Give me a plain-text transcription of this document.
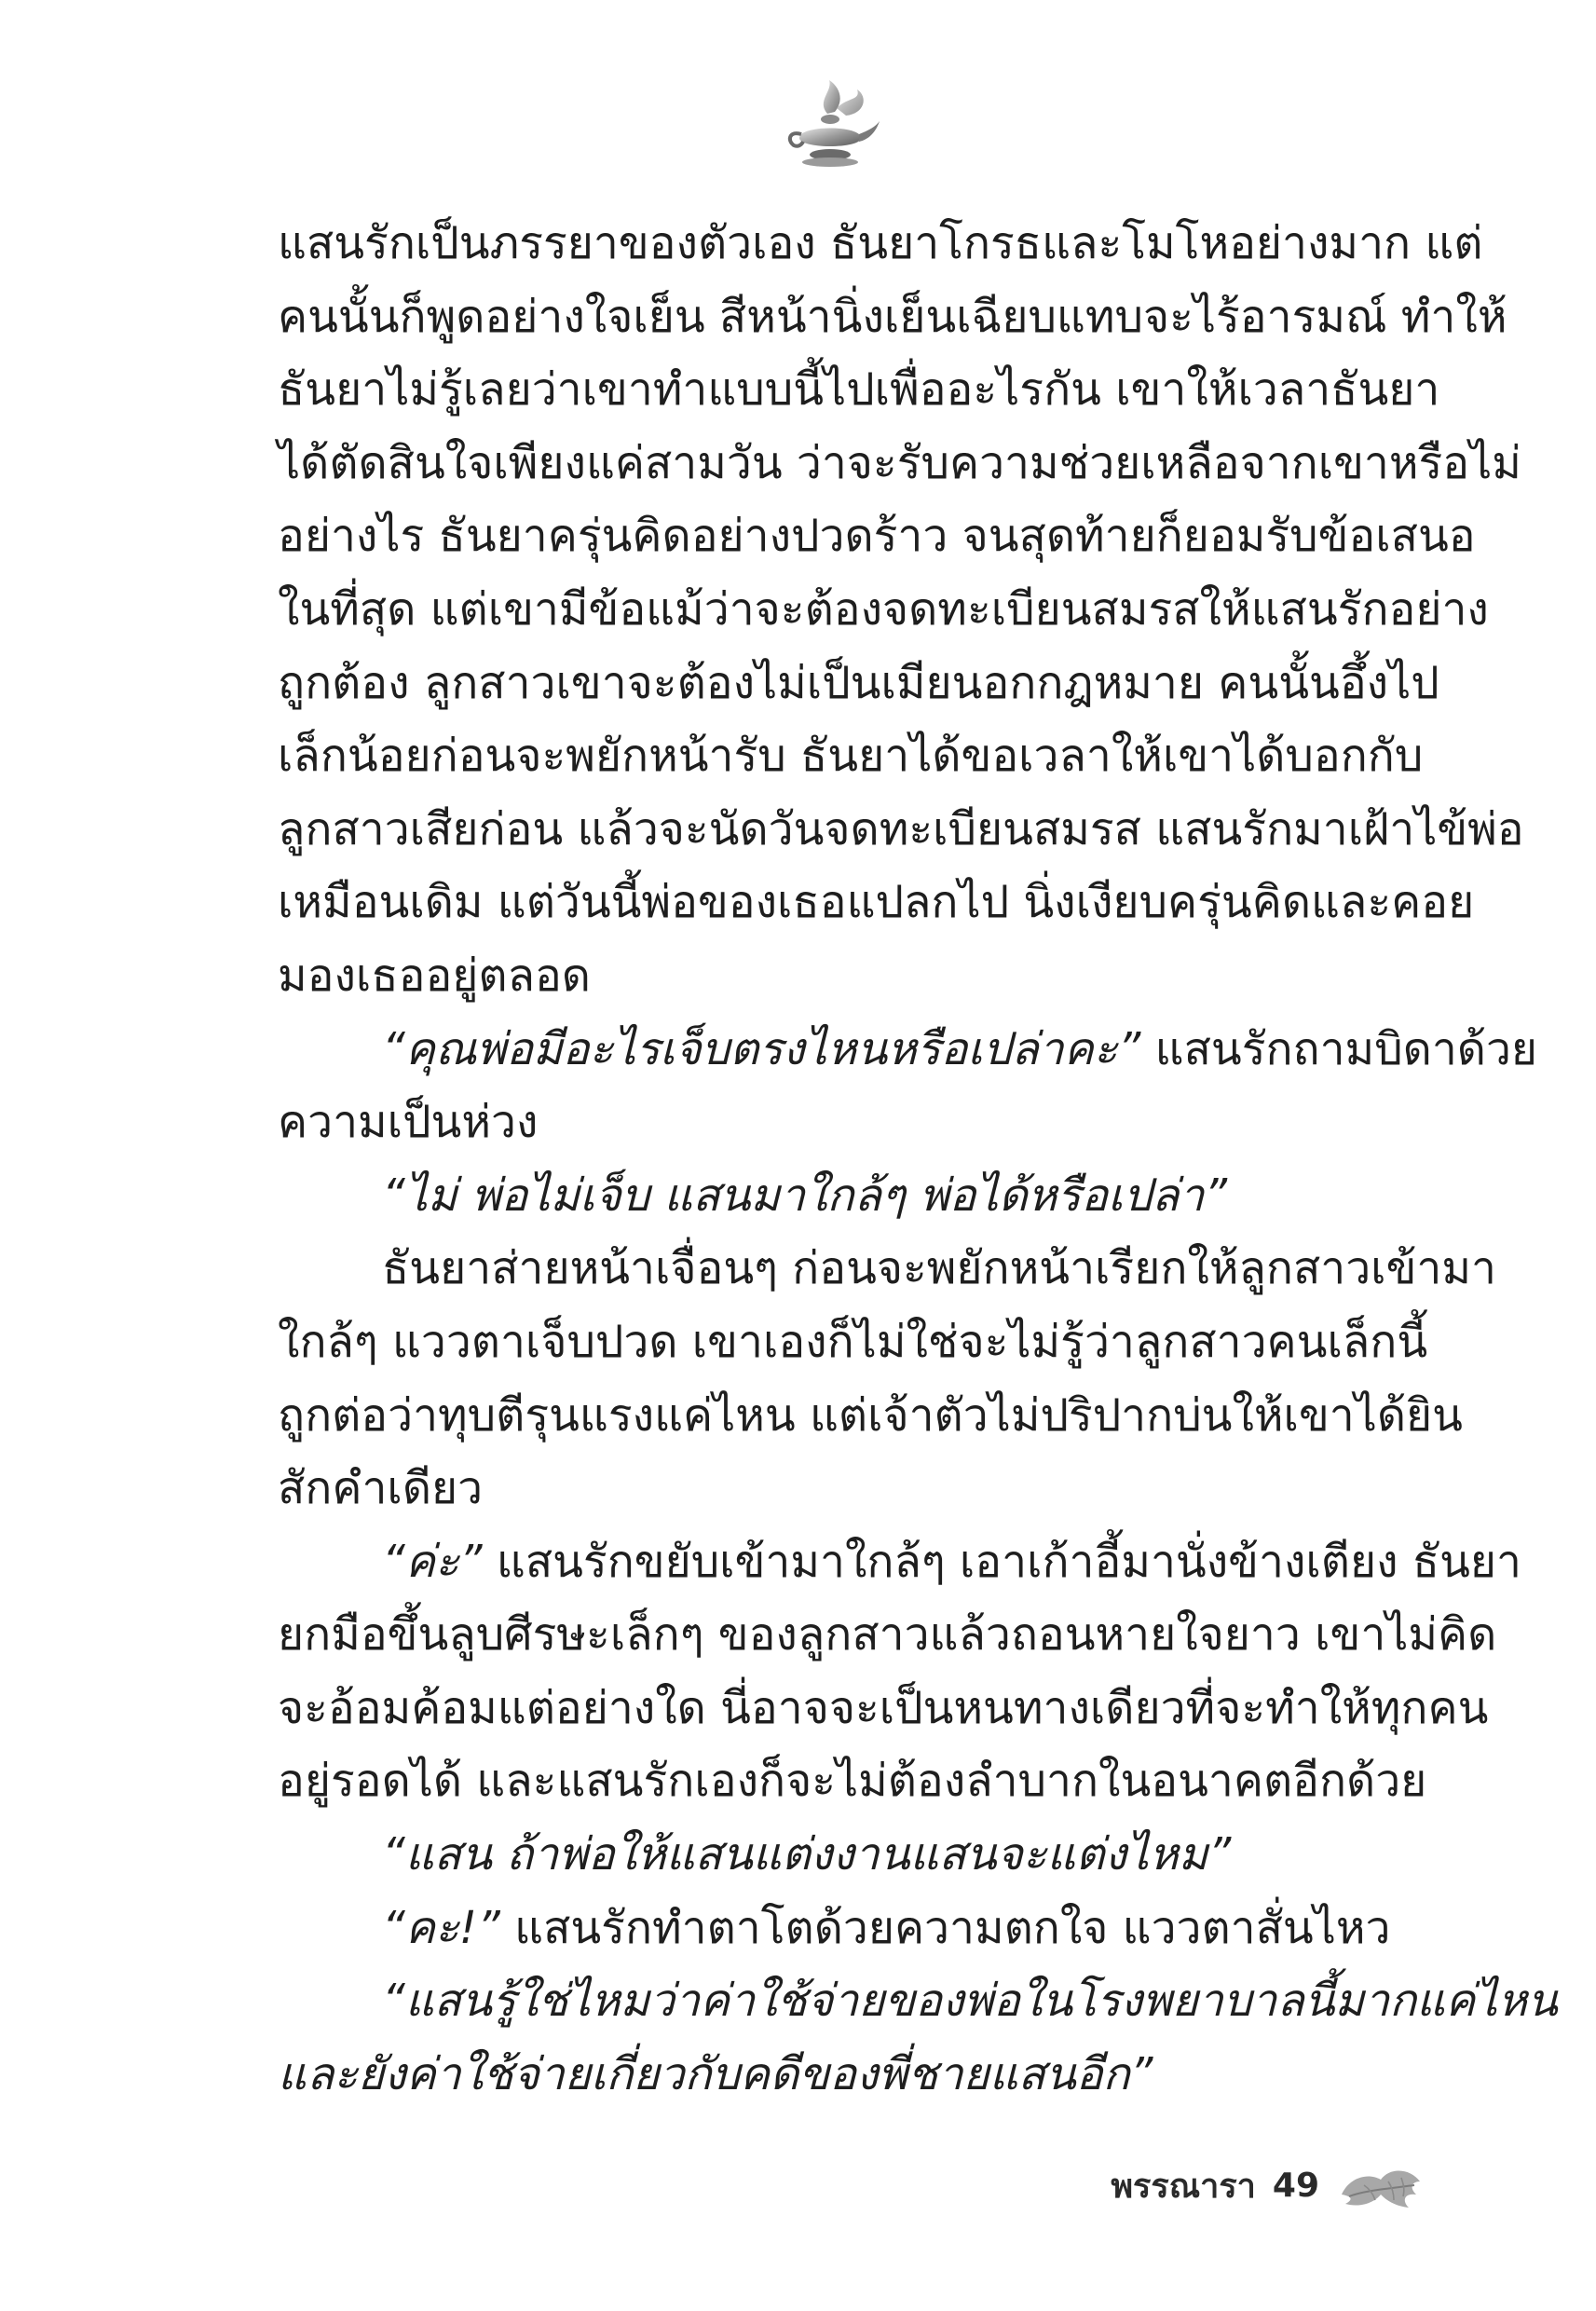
แสนรักเป็นภรรยาของตัวเอง ธันยาโกรธและโมโหอย่างมาก แต่
คนนั้นก็พูดอย่างใจเย็น สีหน้านิ่งเย็นเฉียบแทบจะไร้อารมณ์ ทำให้
ธันยาไม่รู้เลยว่าเขาทำแบบนี้ไปเพื่ออะไรกัน เขาให้เวลาธันยา
ได้ตัดสินใจเพียงแค่สามวัน ว่าจะรับความช่วยเหลือจากเขาหรือไม่
อย่างไร ธันยาครุ่นคิดอย่างปวดร้าว จนสุดท้ายก็ยอมรับข้อเสนอ
ในที่สุด แต่เขามีข้อแม้ว่าจะต้องจดทะเบียนสมรสให้แสนรักอย่าง
ถูกต้อง ลูกสาวเขาจะต้องไม่เป็นเมียนอกกฎหมาย คนนั้นอึ้งไป
เล็กน้อยก่อนจะพยักหน้ารับ ธันยาได้ขอเวลาให้เขาได้บอกกับ
ลูกสาวเสียก่อน แล้วจะนัดวันจดทะเบียนสมรส แสนรักมาเฝ้าไข้พ่อ
เหมือนเดิม แต่วันนี้พ่อของเธอแปลกไป นิ่งเงียบครุ่นคิดและคอย
มองเธออยู่ตลอด
“คุณพ่อมีอะไรเจ็บตรงไหนหรือเปล่าคะ” แสนรักถามบิดาด้วย
ความเป็นห่วง
“ไม่ พ่อไม่เจ็บ แสนมาใกล้ๆ พ่อได้หรือเปล่า”
ธันยาส่ายหน้าเจื่อนๆ ก่อนจะพยักหน้าเรียกให้ลูกสาวเข้ามา
ใกล้ๆ แววตาเจ็บปวด เขาเองก็ไม่ใช่จะไม่รู้ว่าลูกสาวคนเล็กนี้
ถูกต่อว่าทุบตีรุนแรงแค่ไหน แต่เจ้าตัวไม่ปริปากบ่นให้เขาได้ยิน
สักคำเดียว
“ค่ะ” แสนรักขยับเข้ามาใกล้ๆ เอาเก้าอี้มานั่งข้างเตียง ธันยา
ยกมือขึ้นลูบศีรษะเล็กๆ ของลูกสาวแล้วถอนหายใจยาว เขาไม่คิด
จะอ้อมค้อมแต่อย่างใด นี่อาจจะเป็นหนทางเดียวที่จะทำให้ทุกคน
อยู่รอดได้ และแสนรักเองก็จะไม่ต้องลำบากในอนาคตอีกด้วย
“แสน ถ้าพ่อให้แสนแต่งงานแสนจะแต่งไหม”
“คะ!” แสนรักทำตาโตด้วยความตกใจ แววตาสั่นไหว
“แสนรู้ใช่ไหมว่าค่าใช้จ่ายของพ่อในโรงพยาบาลนี้มากแค่ไหน
และยังค่าใช้จ่ายเกี่ยวกับคดีของพี่ชายแสนอีก”
พรรณารา 49
